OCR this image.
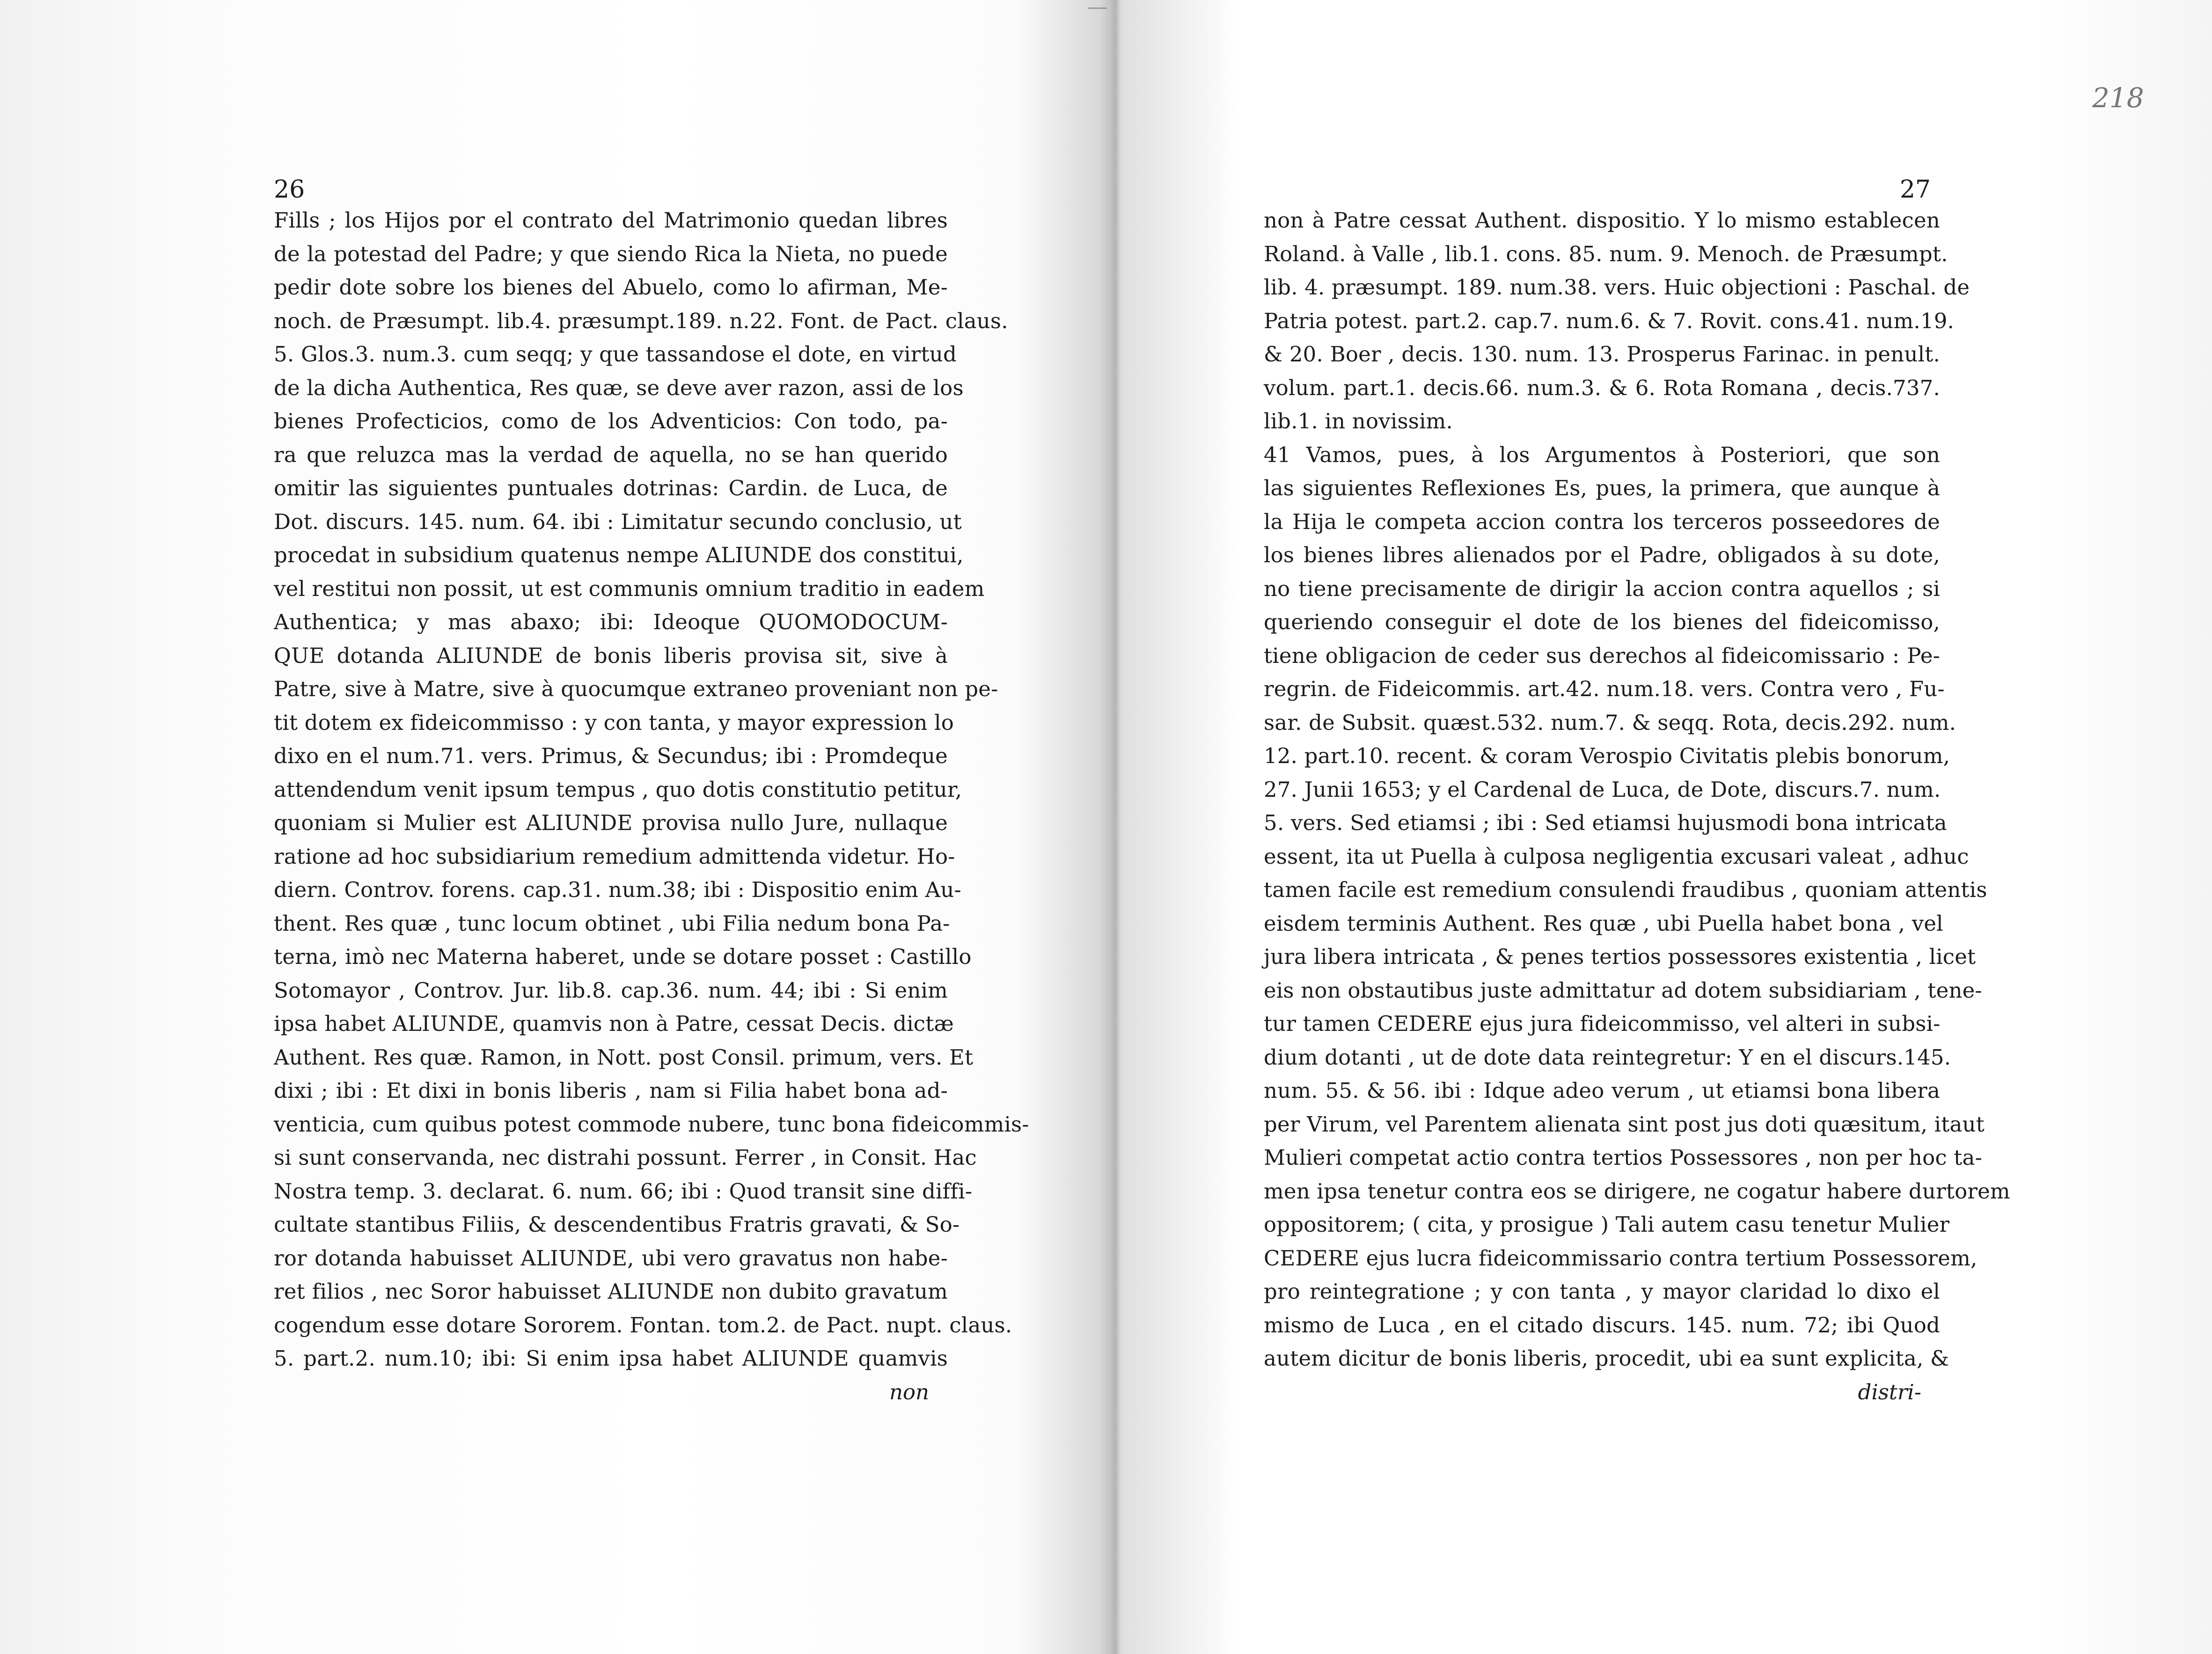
218
26
Fills ; los Hijos por el contrato del Matrimonio quedan libres
de la potestad del Padre; y que siendo Rica la Nieta, no puede
pedir dote sobre los bienes del Abuelo, como lo afirman, Me-
noch. de Præsumpt. lib.4. præsumpt.189. n.22. Font. de Pact. claus.
5. Glos.3. num.3. cum seqq; y que tassandose el dote, en virtud
de la dicha Authentica, Res quæ, se deve aver razon, assi de los
bienes Profecticios, como de los Adventicios: Con todo, pa-
ra que reluzca mas la verdad de aquella, no se han querido
omitir las siguientes puntuales dotrinas: Cardin. de Luca, de
Dot. discurs. 145. num. 64. ibi : Limitatur secundo conclusio, ut
procedat in subsidium quatenus nempe ALIUNDE dos constitui,
vel restitui non possit, ut est communis omnium traditio in eadem
Authentica; y mas abaxo; ibi: Ideoque QUOMODOCUM-
QUE dotanda ALIUNDE de bonis liberis provisa sit, sive à
Patre, sive à Matre, sive à quocumque extraneo proveniant non pe-
tit dotem ex fideicommisso : y con tanta, y mayor expression lo
dixo en el num.71. vers. Primus, & Secundus; ibi : Promdeque
attendendum venit ipsum tempus , quo dotis constitutio petitur,
quoniam si Mulier est ALIUNDE provisa nullo Jure, nullaque
ratione ad hoc subsidiarium remedium admittenda videtur. Ho-
diern. Controv. forens. cap.31. num.38; ibi : Dispositio enim Au-
thent. Res quæ , tunc locum obtinet , ubi Filia nedum bona Pa-
terna, imò nec Materna haberet, unde se dotare posset : Castillo
Sotomayor , Controv. Jur. lib.8. cap.36. num. 44; ibi : Si enim
ipsa habet ALIUNDE, quamvis non à Patre, cessat Decis. dictæ
Authent. Res quæ. Ramon, in Nott. post Consil. primum, vers. Et
dixi ; ibi : Et dixi in bonis liberis , nam si Filia habet bona ad-
venticia, cum quibus potest commode nubere, tunc bona fideicommis-
si sunt conservanda, nec distrahi possunt. Ferrer , in Consit. Hac
Nostra temp. 3. declarat. 6. num. 66; ibi : Quod transit sine diffi-
cultate stantibus Filiis, & descendentibus Fratris gravati, & So-
ror dotanda habuisset ALIUNDE, ubi vero gravatus non habe-
ret filios , nec Soror habuisset ALIUNDE non dubito gravatum
cogendum esse dotare Sororem. Fontan. tom.2. de Pact. nupt. claus.
5. part.2. num.10; ibi: Si enim ipsa habet ALIUNDE quamvis
non
27
non à Patre cessat Authent. dispositio. Y lo mismo establecen
Roland. à Valle , lib.1. cons. 85. num. 9. Menoch. de Præsumpt.
lib. 4. præsumpt. 189. num.38. vers. Huic objectioni : Paschal. de
Patria potest. part.2. cap.7. num.6. & 7. Rovit. cons.41. num.19.
& 20. Boer , decis. 130. num. 13. Prosperus Farinac. in penult.
volum. part.1. decis.66. num.3. & 6. Rota Romana , decis.737.
lib.1. in novissim.
41 Vamos, pues, à los Argumentos à Posteriori, que son
las siguientes Reflexiones Es, pues, la primera, que aunque à
la Hija le competa accion contra los terceros posseedores de
los bienes libres alienados por el Padre, obligados à su dote,
no tiene precisamente de dirigir la accion contra aquellos ; si
queriendo conseguir el dote de los bienes del fideicomisso,
tiene obligacion de ceder sus derechos al fideicomissario : Pe-
regrin. de Fideicommis. art.42. num.18. vers. Contra vero , Fu-
sar. de Subsit. quæst.532. num.7. & seqq. Rota, decis.292. num.
12. part.10. recent. & coram Verospio Civitatis plebis bonorum,
27. Junii 1653; y el Cardenal de Luca, de Dote, discurs.7. num.
5. vers. Sed etiamsi ; ibi : Sed etiamsi hujusmodi bona intricata
essent, ita ut Puella à culposa negligentia excusari valeat , adhuc
tamen facile est remedium consulendi fraudibus , quoniam attentis
eisdem terminis Authent. Res quæ , ubi Puella habet bona , vel
jura libera intricata , & penes tertios possessores existentia , licet
eis non obstautibus juste admittatur ad dotem subsidiariam , tene-
tur tamen CEDERE ejus jura fideicommisso, vel alteri in subsi-
dium dotanti , ut de dote data reintegretur: Y en el discurs.145.
num. 55. & 56. ibi : Idque adeo verum , ut etiamsi bona libera
per Virum, vel Parentem alienata sint post jus doti quæsitum, itaut
Mulieri competat actio contra tertios Possessores , non per hoc ta-
men ipsa tenetur contra eos se dirigere, ne cogatur habere durtorem
oppositorem; ( cita, y prosigue ) Tali autem casu tenetur Mulier
CEDERE ejus lucra fideicommissario contra tertium Possessorem,
pro reintegratione ; y con tanta , y mayor claridad lo dixo el
mismo de Luca , en el citado discurs. 145. num. 72; ibi Quod
autem dicitur de bonis liberis, procedit, ubi ea sunt explicita, &
distri-
